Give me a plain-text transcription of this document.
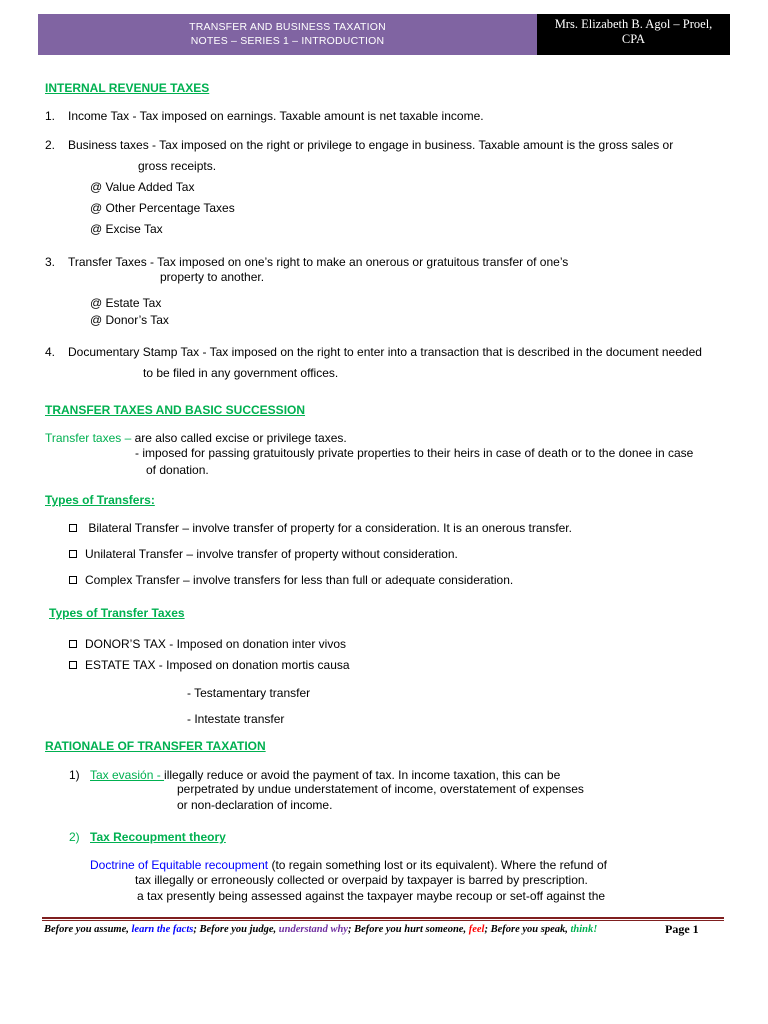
TRANSFER AND BUSINESS TAXATION
NOTES – SERIES 1 – INTRODUCTION
Mrs. Elizabeth B. Agol – Proel,
CPA
INTERNAL REVENUE TAXES
1. Income Tax - Tax imposed on earnings. Taxable amount is net taxable income.
2. Business taxes - Tax imposed on the right or privilege to engage in business. Taxable amount is the gross sales or
gross receipts.
@ Value Added Tax
@ Other Percentage Taxes
@ Excise Tax
3. Transfer Taxes - Tax imposed on one’s right to make an onerous or gratuitous transfer of one’s
property to another.
@ Estate Tax
@ Donor’s Tax
4. Documentary Stamp Tax - Tax imposed on the right to enter into a transaction that is described in the document needed
to be filed in any government offices.
TRANSFER TAXES AND BASIC SUCCESSION
Transfer taxes – are also called excise or privilege taxes.
- imposed for passing gratuitously private properties to their heirs in case of death or to the donee in case
of donation.
Types of Transfers:
Bilateral Transfer – involve transfer of property for a consideration. It is an onerous transfer.
Unilateral Transfer – involve transfer of property without consideration.
Complex Transfer – involve transfers for less than full or adequate consideration.
Types of Transfer Taxes
DONOR’S TAX - Imposed on donation inter vivos
ESTATE TAX - Imposed on donation mortis causa
- Testamentary transfer
- Intestate transfer
RATIONALE OF TRANSFER TAXATION
1) Tax evasión - illegally reduce or avoid the payment of tax. In income taxation, this can be
perpetrated by undue understatement of income, overstatement of expenses
or non-declaration of income.
2) Tax Recoupment theory
Doctrine of Equitable recoupment (to regain something lost or its equivalent). Where the refund of
tax illegally or erroneously collected or overpaid by taxpayer is barred by prescription.
a tax presently being assessed against the taxpayer maybe recoup or set-off against the
Before you assume, learn the facts; Before you judge, understand why; Before you hurt someone, feel; Before you speak, think!	Page 1
